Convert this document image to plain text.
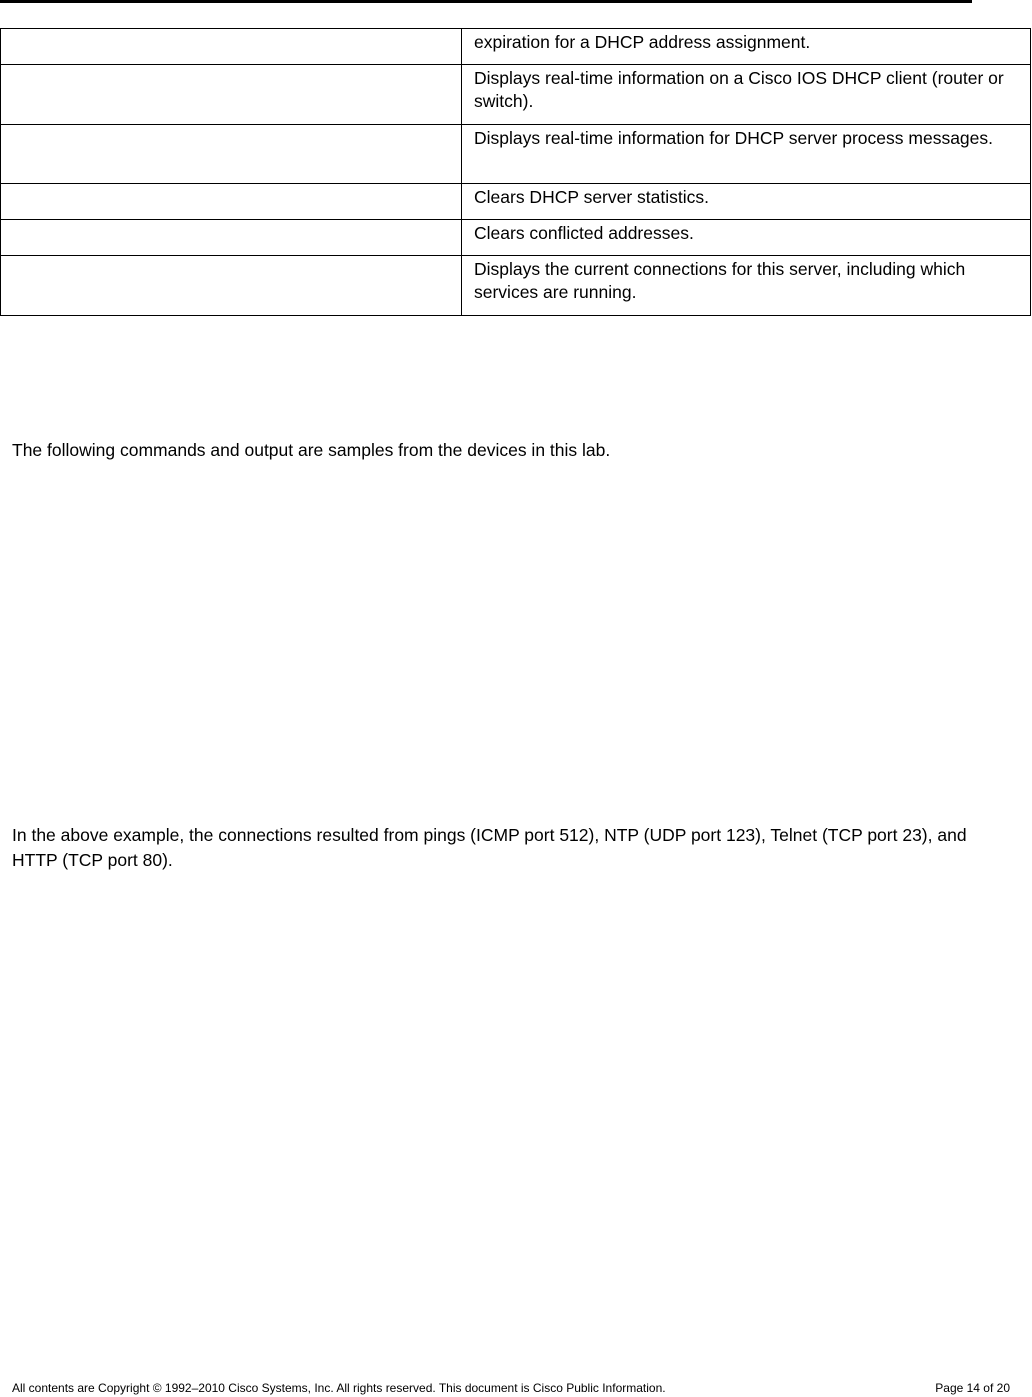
	expiration for a DHCP address assignment.
	Displays real-time information on a Cisco IOS DHCP client (router or switch).
	Displays real-time information for DHCP server process messages.
	Clears DHCP server statistics.
	Clears conflicted addresses.
	Displays the current connections for this server, including which services are running.

The following commands and output are samples from the devices in this lab.

In the above example, the connections resulted from pings (ICMP port 512), NTP (UDP port 123), Telnet (TCP port 23), and HTTP (TCP port 80).

All contents are Copyright © 1992–2010 Cisco Systems, Inc. All rights reserved. This document is Cisco Public Information.	Page 14 of 20
